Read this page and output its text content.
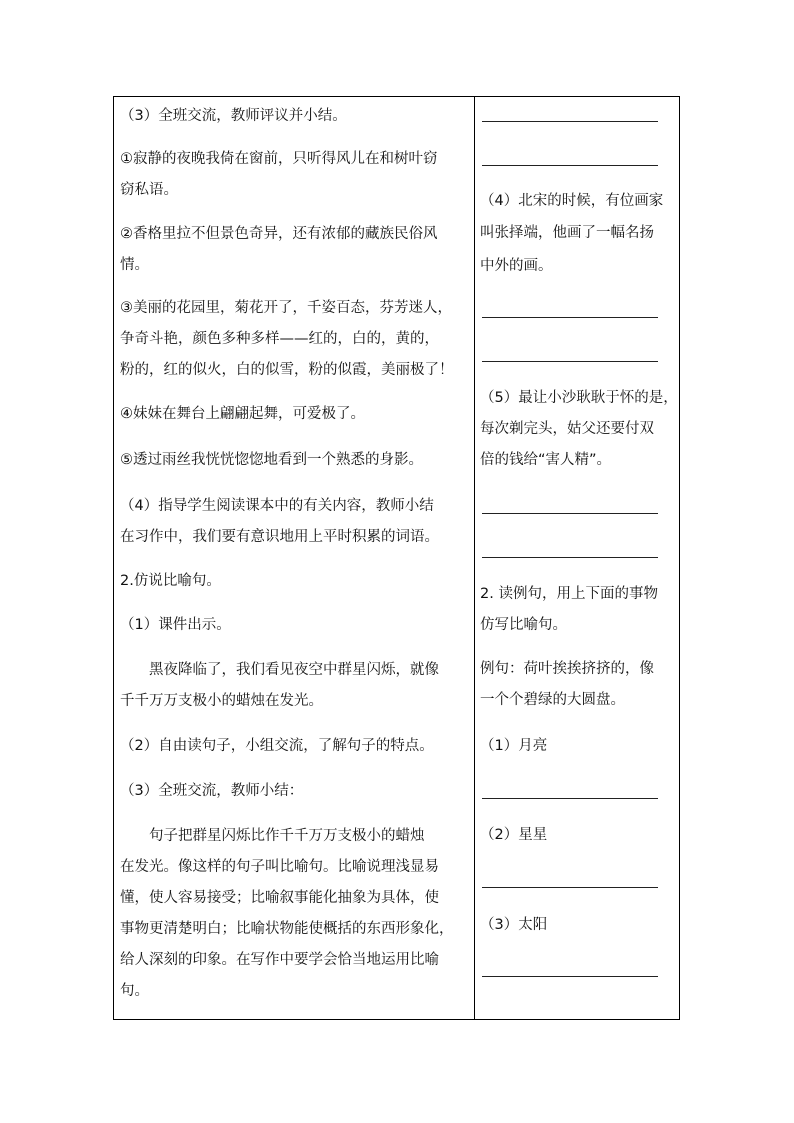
（3）全班交流，教师评议并小结。

①寂静的夜晚我倚在窗前，只听得风儿在和树叶窃

窃私语。

②香格里拉不但景色奇异，还有浓郁的藏族民俗风

情。

③美丽的花园里，菊花开了，千姿百态，芬芳迷人，

争奇斗艳，颜色多种多样——红的，白的，黄的，

粉的，红的似火，白的似雪，粉的似霞，美丽极了！

④妹妹在舞台上翩翩起舞，可爱极了。

⑤透过雨丝我恍恍惚惚地看到一个熟悉的身影。

（4）指导学生阅读课本中的有关内容，教师小结

在习作中，我们要有意识地用上平时积累的词语。

2.仿说比喻句。

（1）课件出示。

　　黑夜降临了，我们看见夜空中群星闪烁，就像

千千万万支极小的蜡烛在发光。

（2）自由读句子，小组交流，了解句子的特点。

（3）全班交流，教师小结：

　　句子把群星闪烁比作千千万万支极小的蜡烛

在发光。像这样的句子叫比喻句。比喻说理浅显易

懂，使人容易接受；比喻叙事能化抽象为具体，使

事物更清楚明白；比喻状物能使概括的东西形象化，

给人深刻的印象。在写作中要学会恰当地运用比喻

句。

（4）北宋的时候，有位画家

叫张择端，他画了一幅名扬

中外的画。

（5）最让小沙耿耿于怀的是，

每次剃完头，姑父还要付双

倍的钱给“害人精”。

2. 读例句，用上下面的事物

仿写比喻句。

例句：荷叶挨挨挤挤的，像

一个个碧绿的大圆盘。

（1）月亮

（2）星星

（3）太阳
